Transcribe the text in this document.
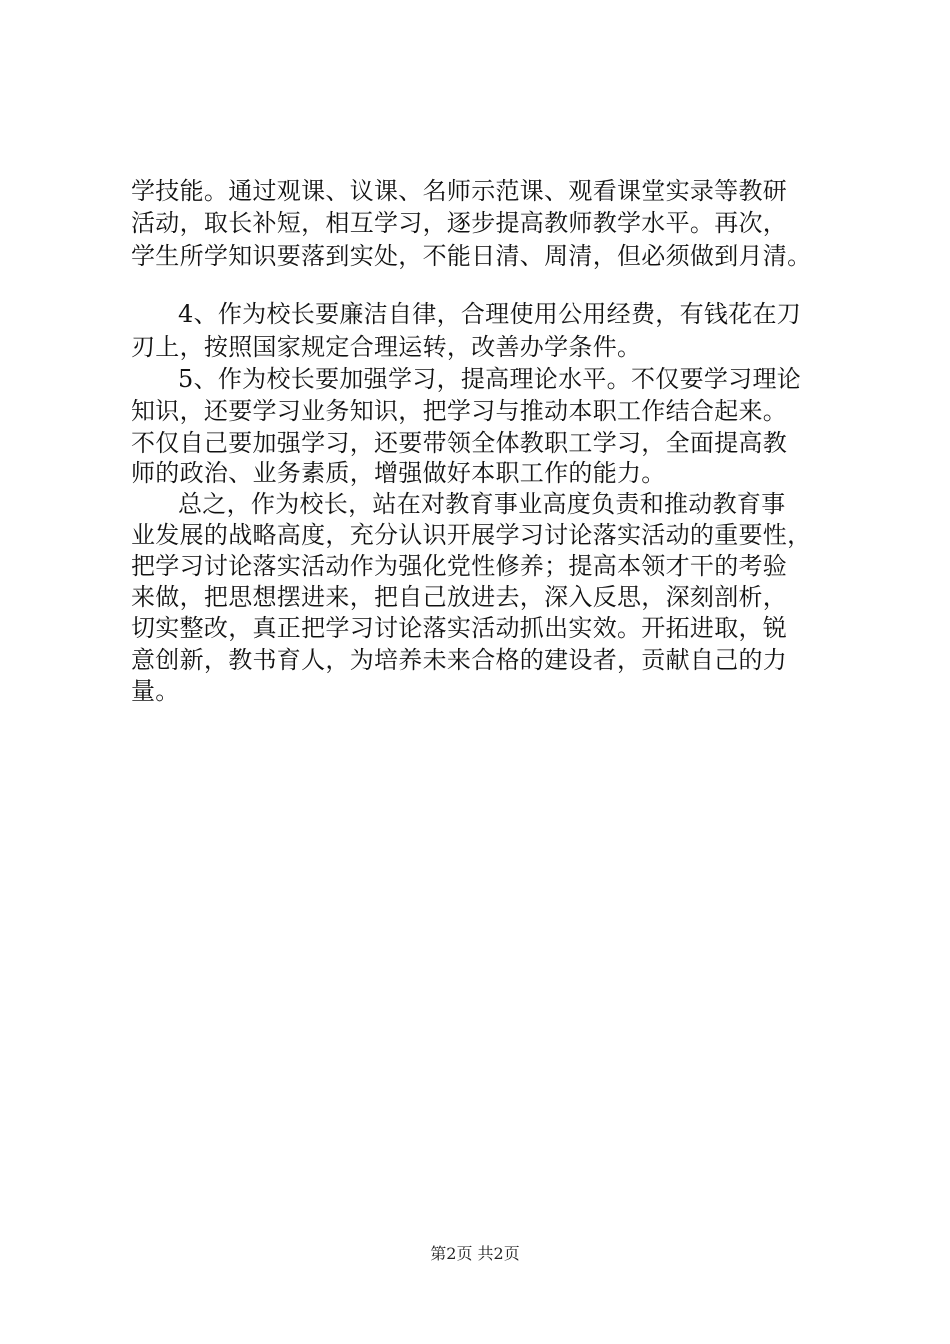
学技能。通过观课、议课、名师示范课、观看课堂实录等教研
活动，取长补短，相互学习，逐步提高教师教学水平。再次，
学生所学知识要落到实处，不能日清、周清，但必须做到月清。
4、作为校长要廉洁自律，合理使用公用经费，有钱花在刀
刃上，按照国家规定合理运转，改善办学条件。
5、作为校长要加强学习，提高理论水平。不仅要学习理论
知识，还要学习业务知识，把学习与推动本职工作结合起来。
不仅自己要加强学习，还要带领全体教职工学习，全面提高教
师的政治、业务素质，增强做好本职工作的能力。
总之，作为校长，站在对教育事业高度负责和推动教育事
业发展的战略高度，充分认识开展学习讨论落实活动的重要性，
把学习讨论落实活动作为强化党性修养；提高本领才干的考验
来做，把思想摆进来，把自己放进去，深入反思，深刻剖析，
切实整改，真正把学习讨论落实活动抓出实效。开拓进取，锐
意创新，教书育人，为培养未来合格的建设者，贡献自己的力
量。
第2页 共2页
